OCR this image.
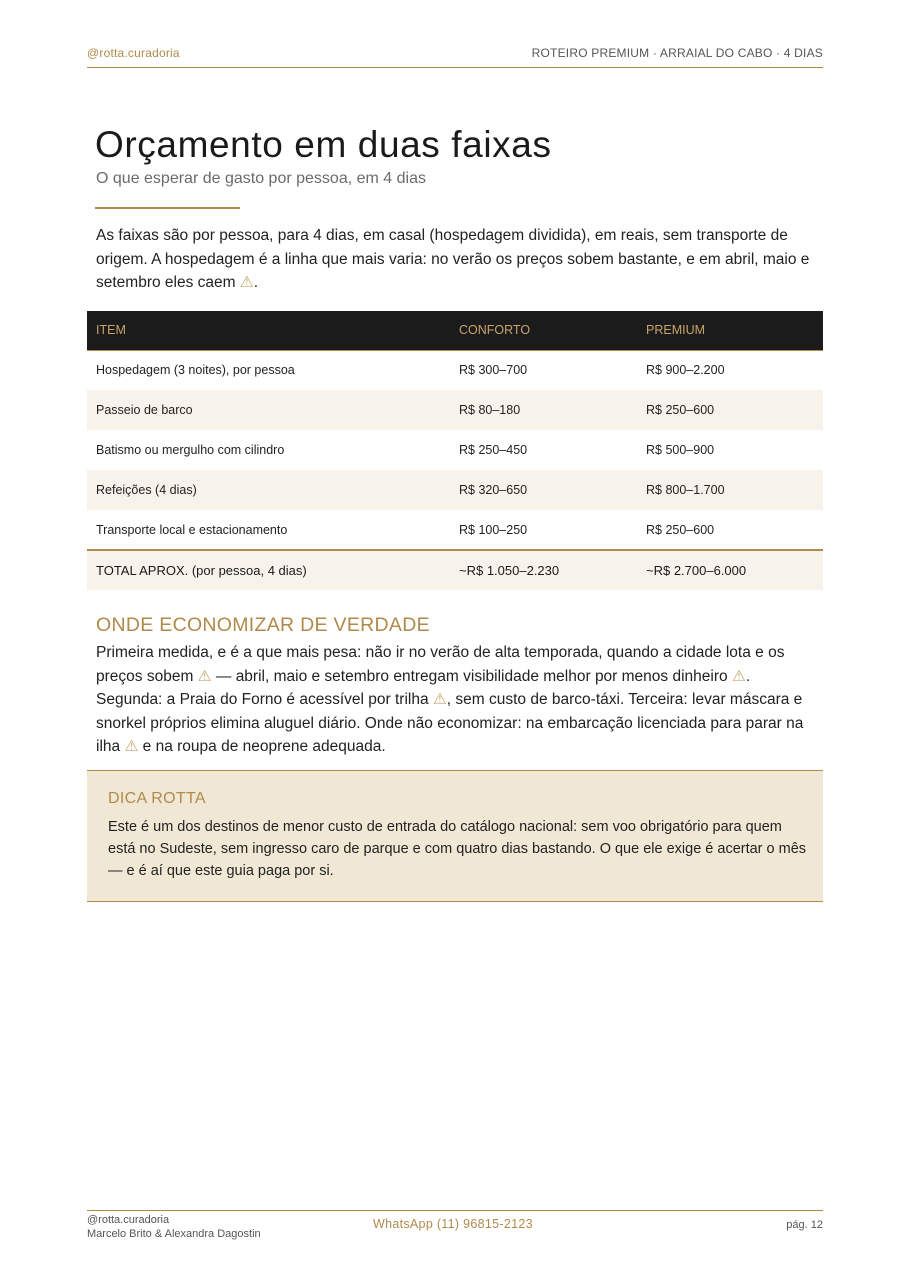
@rotta.curadoria	ROTEIRO PREMIUM · ARRAIAL DO CABO · 4 DIAS
Orçamento em duas faixas
O que esperar de gasto por pessoa, em 4 dias

As faixas são por pessoa, para 4 dias, em casal (hospedagem dividida), em reais, sem transporte de origem. A hospedagem é a linha que mais varia: no verão os preços sobem bastante, e em abril, maio e setembro eles caem ⚠.

ITEM	CONFORTO	PREMIUM
Hospedagem (3 noites), por pessoa	R$ 300–700	R$ 900–2.200
Passeio de barco	R$ 80–180	R$ 250–600
Batismo ou mergulho com cilindro	R$ 250–450	R$ 500–900
Refeições (4 dias)	R$ 320–650	R$ 800–1.700
Transporte local e estacionamento	R$ 100–250	R$ 250–600
TOTAL APROX. (por pessoa, 4 dias)	~R$ 1.050–2.230	~R$ 2.700–6.000
ONDE ECONOMIZAR DE VERDADE

Primeira medida, e é a que mais pesa: não ir no verão de alta temporada, quando a cidade lota e os preços sobem ⚠ — abril, maio e setembro entregam visibilidade melhor por menos dinheiro ⚠. Segunda: a Praia do Forno é acessível por trilha ⚠, sem custo de barco-táxi. Terceira: levar máscara e snorkel próprios elimina aluguel diário. Onde não economizar: na embarcação licenciada para parar na ilha ⚠ e na roupa de neoprene adequada.

DICA ROTTA

Este é um dos destinos de menor custo de entrada do catálogo nacional: sem voo obrigatório para quem está no Sudeste, sem ingresso caro de parque e com quatro dias bastando. O que ele exige é acertar o mês — e é aí que este guia paga por si.

@rotta.curadoria
Marcelo Brito & Alexandra Dagostin
WhatsApp (11) 96815-2123	pág. 12
